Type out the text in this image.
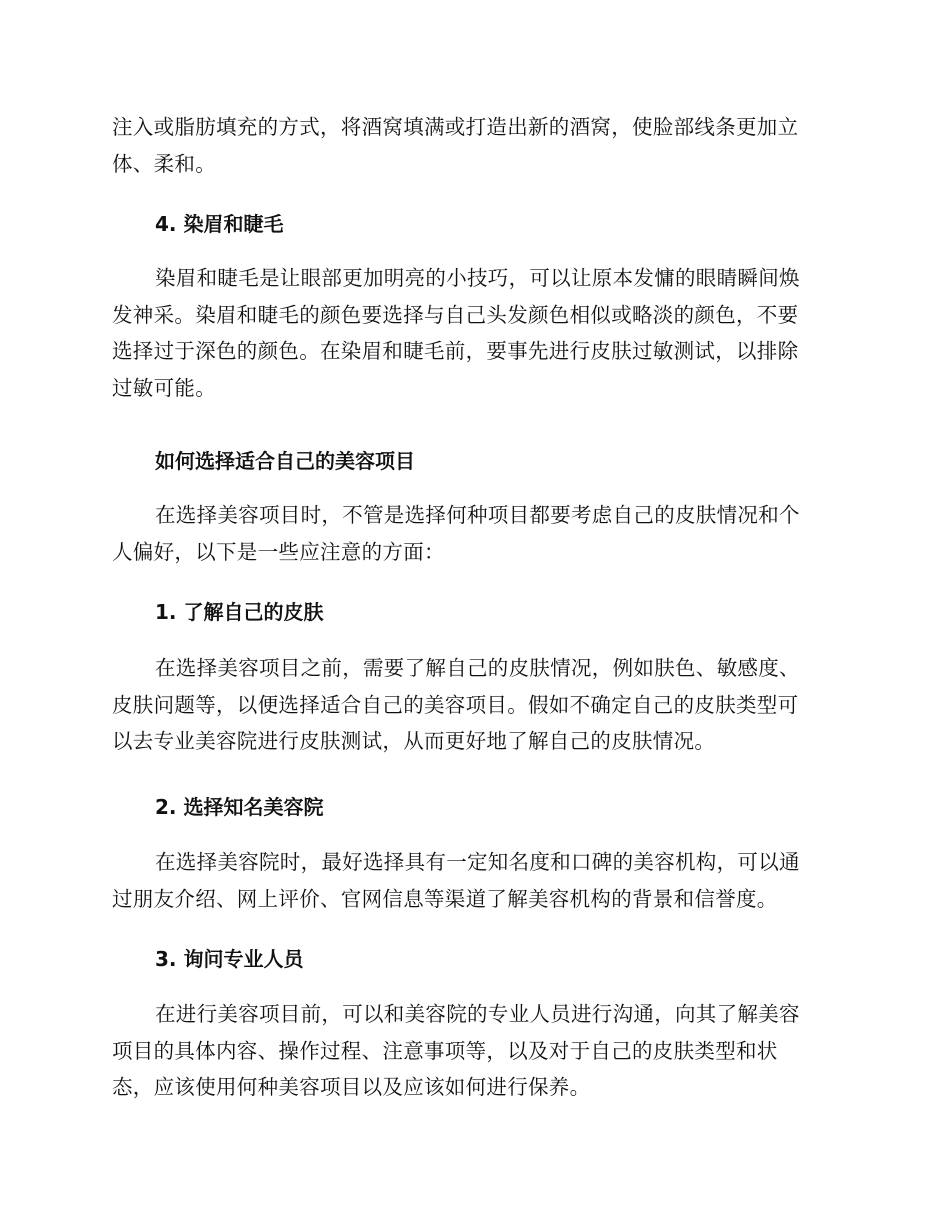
注入或脂肪填充的方式，将酒窝填满或打造出新的酒窝，使脸部线条更加立
体、柔和。
4. 染眉和睫毛
染眉和睫毛是让眼部更加明亮的小技巧，可以让原本发慵的眼睛瞬间焕
发神采。染眉和睫毛的颜色要选择与自己头发颜色相似或略淡的颜色，不要
选择过于深色的颜色。在染眉和睫毛前，要事先进行皮肤过敏测试，以排除
过敏可能。
如何选择适合自己的美容项目
在选择美容项目时，不管是选择何种项目都要考虑自己的皮肤情况和个
人偏好，以下是一些应注意的方面：
1. 了解自己的皮肤
在选择美容项目之前，需要了解自己的皮肤情况，例如肤色、敏感度、
皮肤问题等，以便选择适合自己的美容项目。假如不确定自己的皮肤类型可
以去专业美容院进行皮肤测试，从而更好地了解自己的皮肤情况。
2. 选择知名美容院
在选择美容院时，最好选择具有一定知名度和口碑的美容机构，可以通
过朋友介绍、网上评价、官网信息等渠道了解美容机构的背景和信誉度。
3. 询问专业人员
在进行美容项目前，可以和美容院的专业人员进行沟通，向其了解美容
项目的具体内容、操作过程、注意事项等，以及对于自己的皮肤类型和状
态，应该使用何种美容项目以及应该如何进行保养。
